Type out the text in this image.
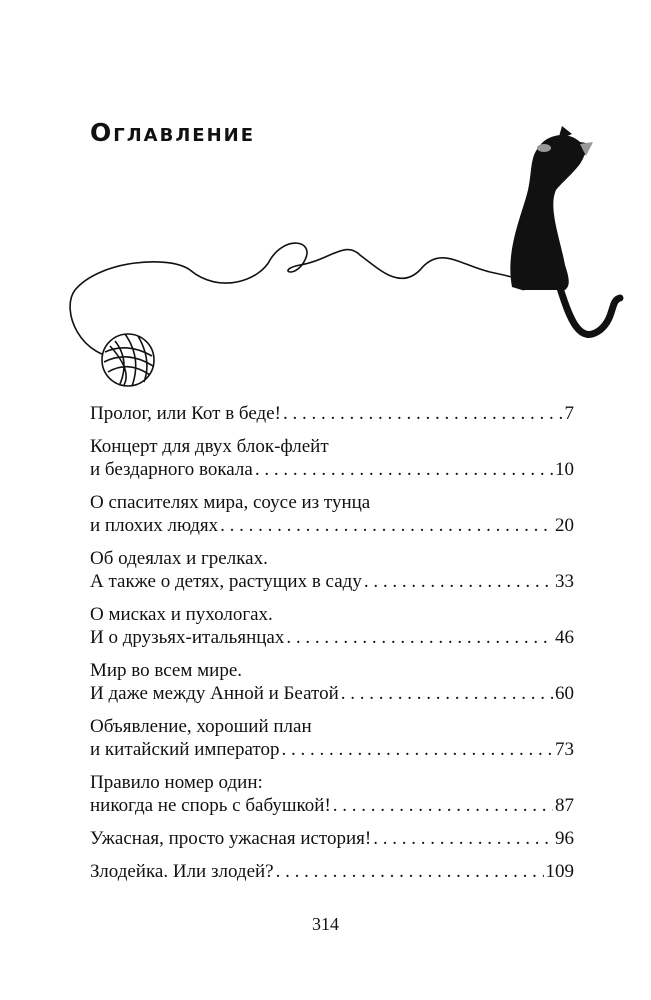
Оглавление
Пролог, или Кот в беде! . . .	7
Концерт для двух блок-флейт
и бездарного вокала . . .	10
О спасителях мира, соусе из тунца
и плохих людях . . .	20
Об одеялах и грелках.
А также о детях, растущих в саду . . .	33
О мисках и пухологах.
И о друзьях-итальянцах . . .	46
Мир во всем мире.
И даже между Анной и Беатой . . .	60
Объявление, хороший план
и китайский император . . .	73
Правило номер один:
никогда не спорь с бабушкой! . . .	87
Ужасная, просто ужасная история! . . .	96
Злодейка. Или злодей? . . .	109
314
